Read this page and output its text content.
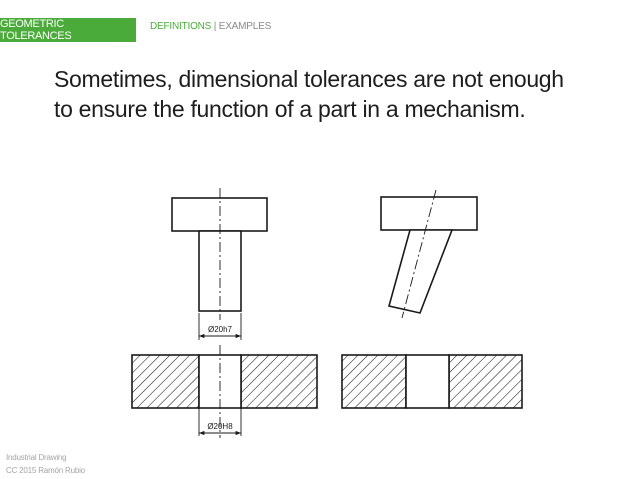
GEOMETRIC TOLERANCES
DEFINITIONS | EXAMPLES
Sometimes, dimensional tolerances are not enough
to ensure the function of a part in a mechanism.
Ø20h7
Ø20H8
Industrial Drawing
CC 2015 Ramón Rubio
